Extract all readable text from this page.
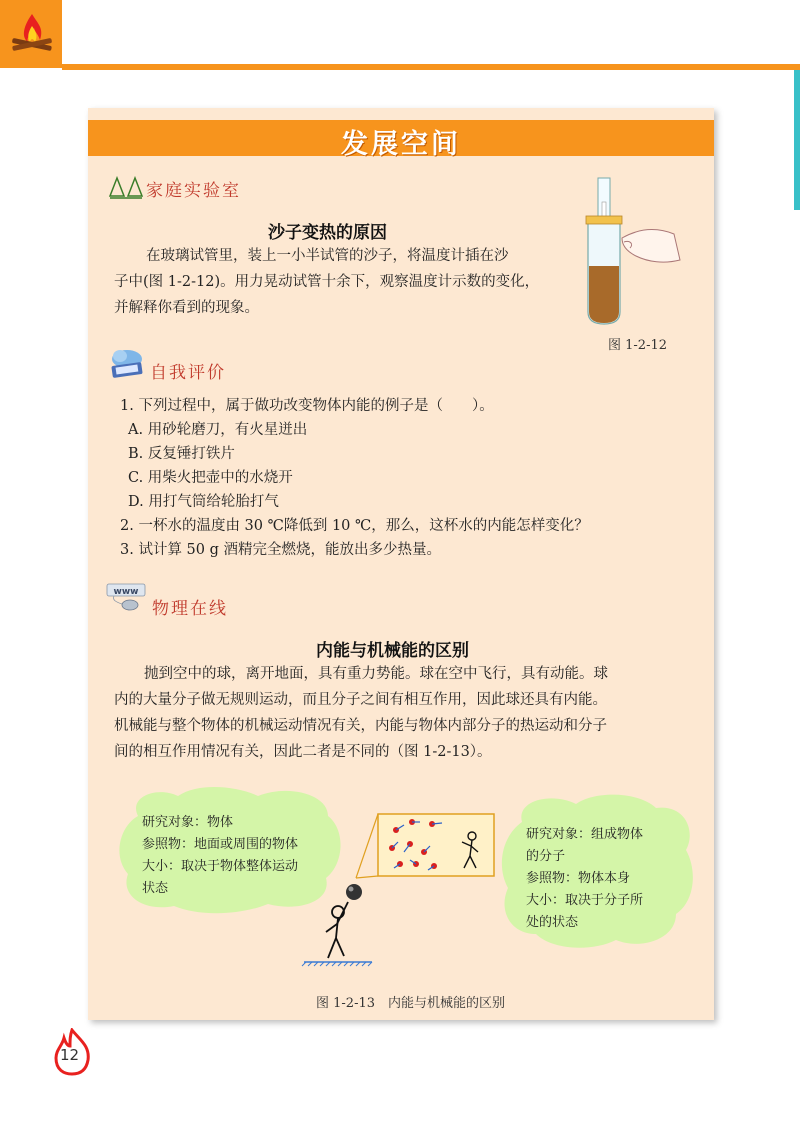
发展空间
家庭实验室
沙子变热的原因
在玻璃试管里，装上一小半试管的沙子，将温度计插在沙
子中(图 1-2-12)。用力晃动试管十余下，观察温度计示数的变化，
并解释你看到的现象。
图 1-2-12
自我评价
1. 下列过程中，属于做功改变物体内能的例子是（　　）。
A. 用砂轮磨刀，有火星迸出
B. 反复锤打铁片
C. 用柴火把壶中的水烧开
D. 用打气筒给轮胎打气
2. 一杯水的温度由 30 ℃降低到 10 ℃，那么，这杯水的内能怎样变化？
3. 试计算 50 g 酒精完全燃烧，能放出多少热量。
www
物理在线
内能与机械能的区别
抛到空中的球，离开地面，具有重力势能。球在空中飞行，具有动能。球
内的大量分子做无规则运动，而且分子之间有相互作用，因此球还具有内能。
机械能与整个物体的机械运动情况有关，内能与物体内部分子的热运动和分子
间的相互作用情况有关，因此二者是不同的（图 1-2-13）。
研究对象：物体
参照物：地面或周围的物体
大小：取决于物体整体运动
状态
研究对象：组成物体
的分子
参照物：物体本身
大小：取决于分子所
处的状态
图 1-2-13　内能与机械能的区别
12
